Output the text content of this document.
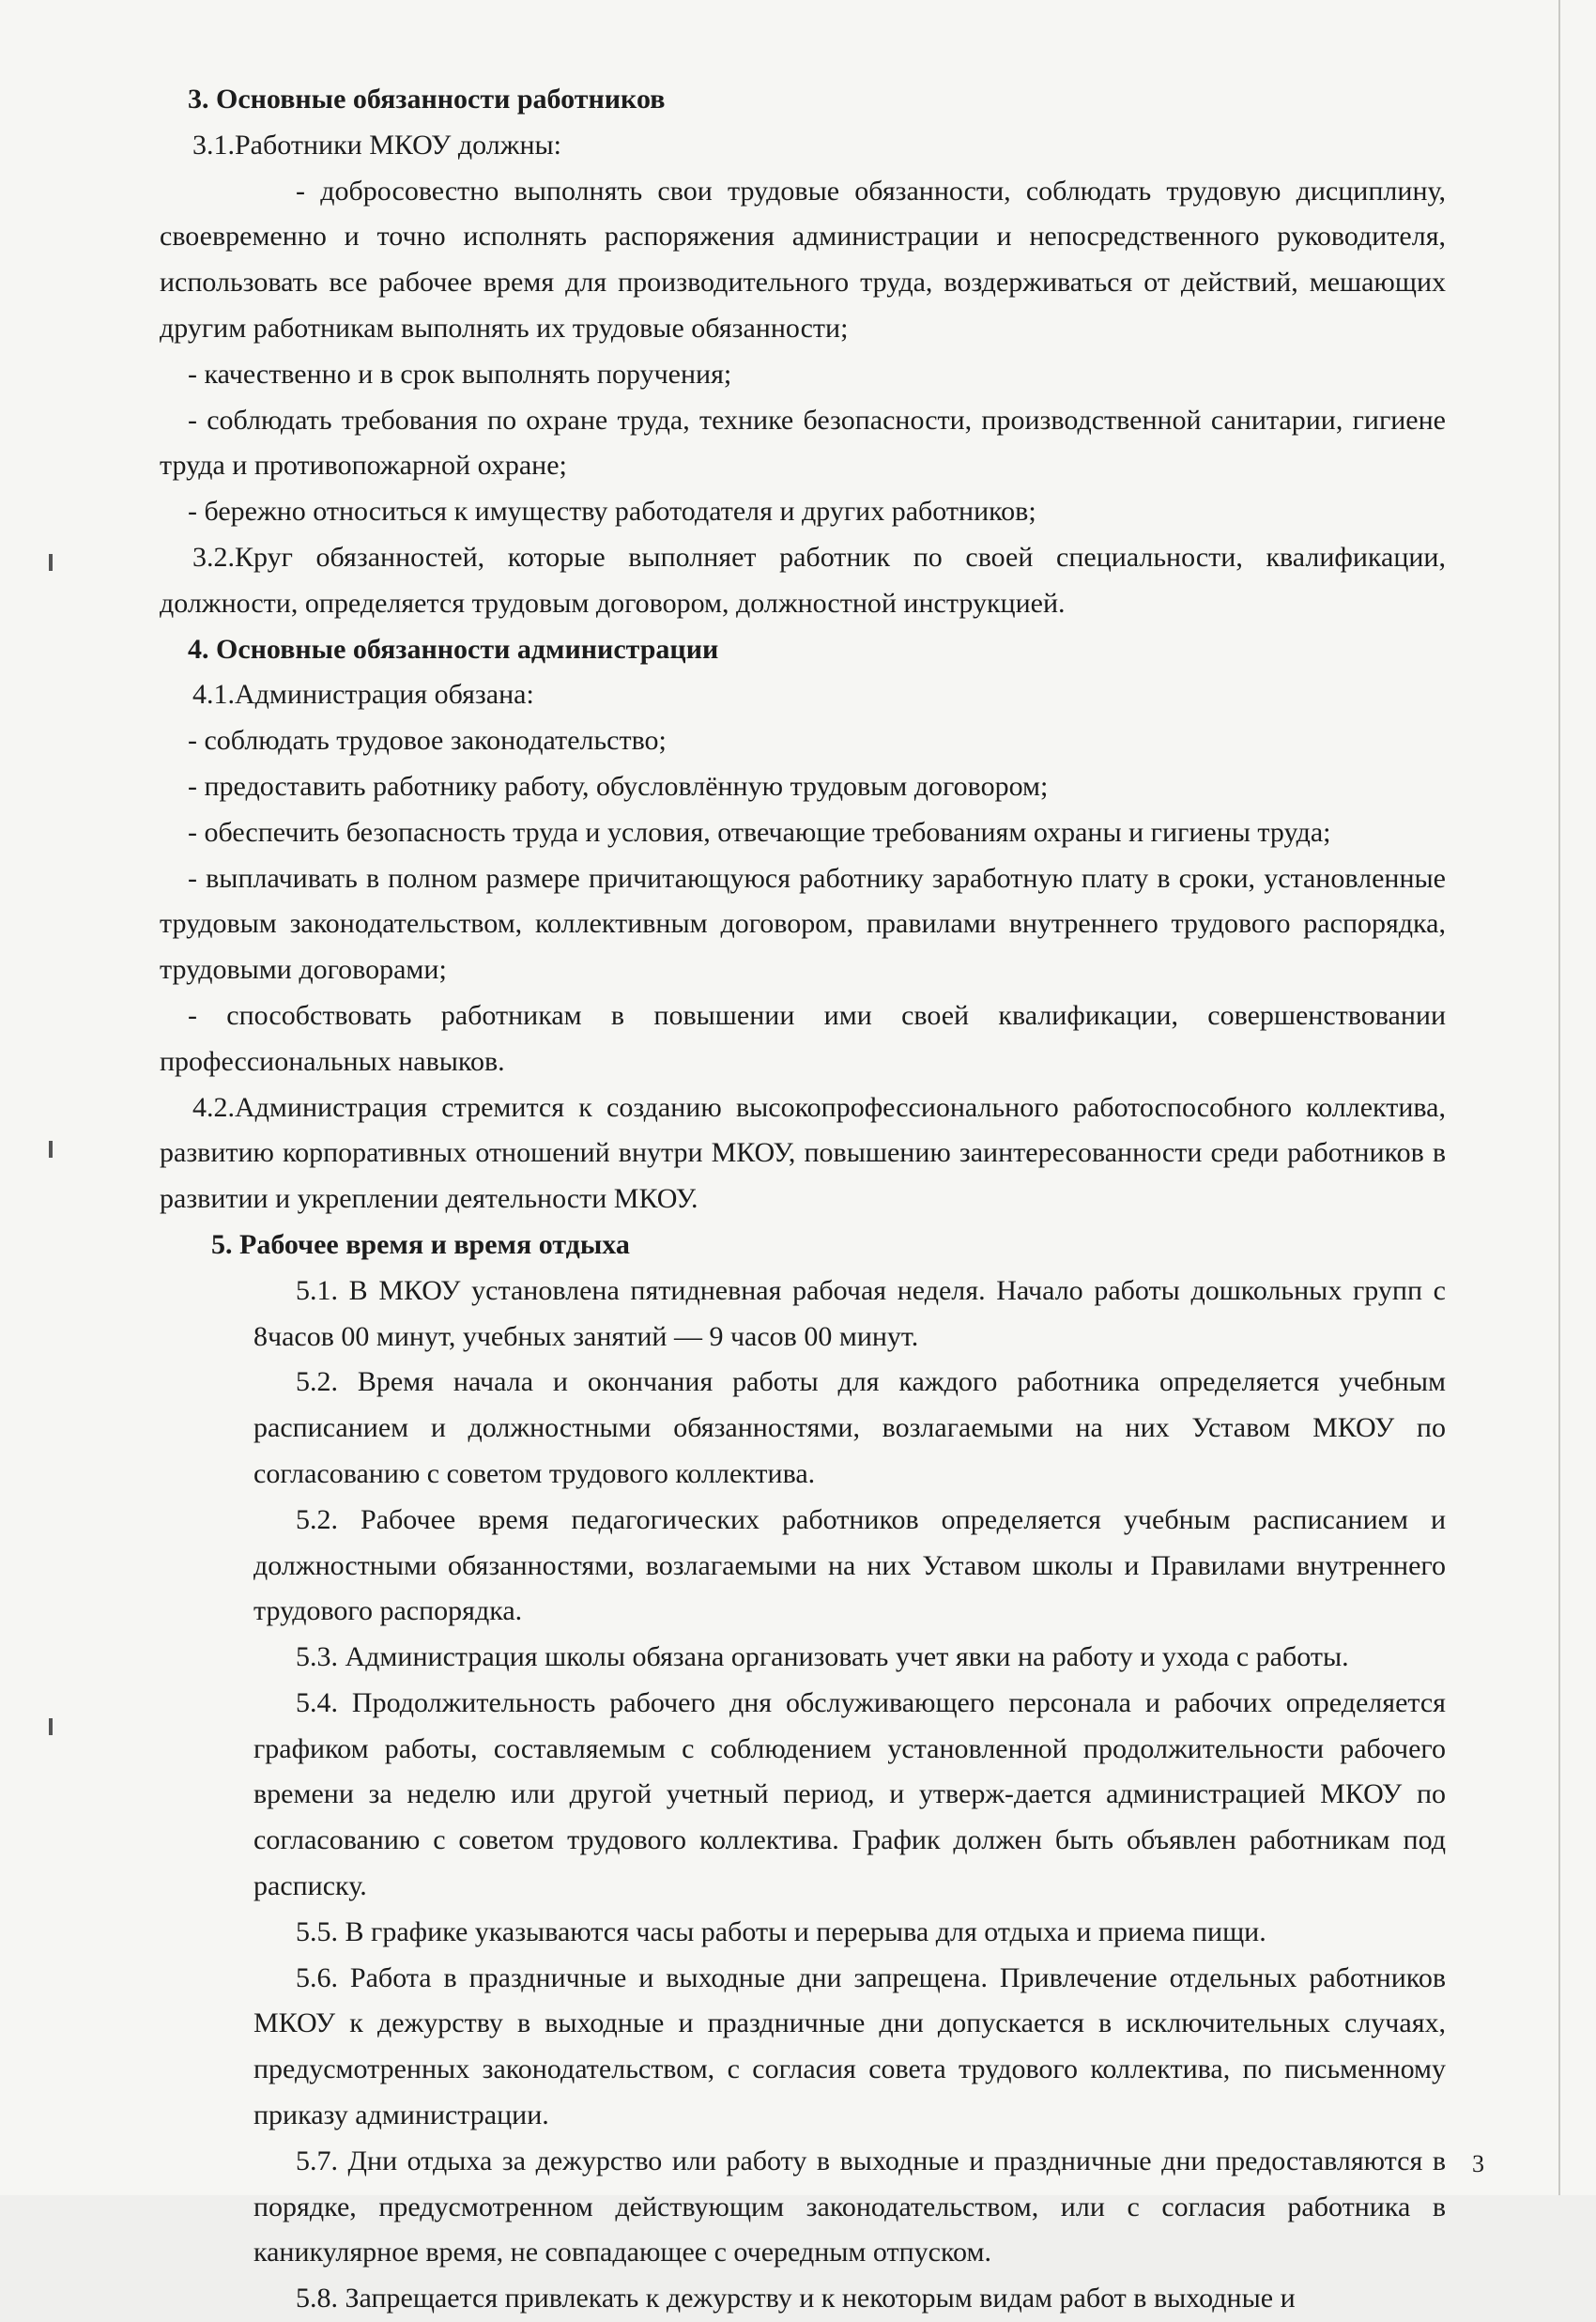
3. Основные обязанности работников

3.1.Работники МКОУ должны:

- добросовестно выполнять свои трудовые обязанности, соблюдать трудовую дисциплину, своевременно и точно исполнять распоряжения администрации и непосредственного руководителя, использовать все рабочее время для производительного труда, воздерживаться от действий, мешающих другим работникам выполнять их трудовые обязанности;

- качественно и в срок выполнять поручения;

- соблюдать требования по охране труда, технике безопасности, производственной санитарии, гигиене труда и противопожарной охране;

- бережно относиться к имуществу работодателя и других работников;

3.2.Круг обязанностей, которые выполняет работник по своей специальности, квалификации, должности, определяется трудовым договором, должностной инструкцией.

4. Основные обязанности администрации

4.1.Администрация обязана:

- соблюдать трудовое законодательство;

- предоставить работнику работу, обусловлённую трудовым договором;

- обеспечить безопасность труда и условия, отвечающие требованиям охраны и гигиены труда;

- выплачивать в полном размере причитающуюся работнику заработную плату в сроки, установленные трудовым законодательством, коллективным договором, правилами внутреннего трудового распорядка, трудовыми договорами;

- способствовать работникам в повышении ими своей квалификации, совершенствовании профессиональных навыков.

4.2.Администрация стремится к созданию высокопрофессионального работоспособного коллектива, развитию корпоративных отношений внутри МКОУ, повышению заинтересованности среди работников в развитии и укреплении деятельности МКОУ.

5. Рабочее время и время отдыха

5.1. В МКОУ установлена пятидневная рабочая неделя. Начало работы дошкольных групп с 8часов 00 минут, учебных занятий — 9 часов 00 минут.

5.2. Время начала и окончания работы для каждого работника определяется учебным расписанием и должностными обязанностями, возлагаемыми на них Уставом МКОУ по согласованию с советом трудового коллектива.

5.2. Рабочее время педагогических работников определяется учебным расписанием и должностными обязанностями, возлагаемыми на них Уставом школы и Правилами внутреннего трудового распорядка.

5.3. Администрация школы обязана организовать учет явки на работу и ухода с работы.

5.4. Продолжительность рабочего дня обслуживающего персонала и рабочих определяется графиком работы, составляемым с соблюдением установленной продолжительности рабочего времени за неделю или другой учетный период, и утверж-дается администрацией МКОУ по согласованию с советом трудового коллектива. График должен быть объявлен работникам под расписку.

5.5. В графике указываются часы работы и перерыва для отдыха и приема пищи.

5.6. Работа в праздничные и выходные дни запрещена. Привлечение отдельных работников МКОУ к дежурству в выходные и праздничные дни допускается в исключительных случаях, предусмотренных законодательством, с согласия совета трудового коллектива, по письменному приказу администрации.

5.7. Дни отдыха за дежурство или работу в выходные и праздничные дни предоставляются в порядке, предусмотренном действующим законодательством, или с согласия работника в каникулярное время, не совпадающее с очередным отпуском.

5.8. Запрещается привлекать к дежурству и к некоторым видам работ в выходные и

3
